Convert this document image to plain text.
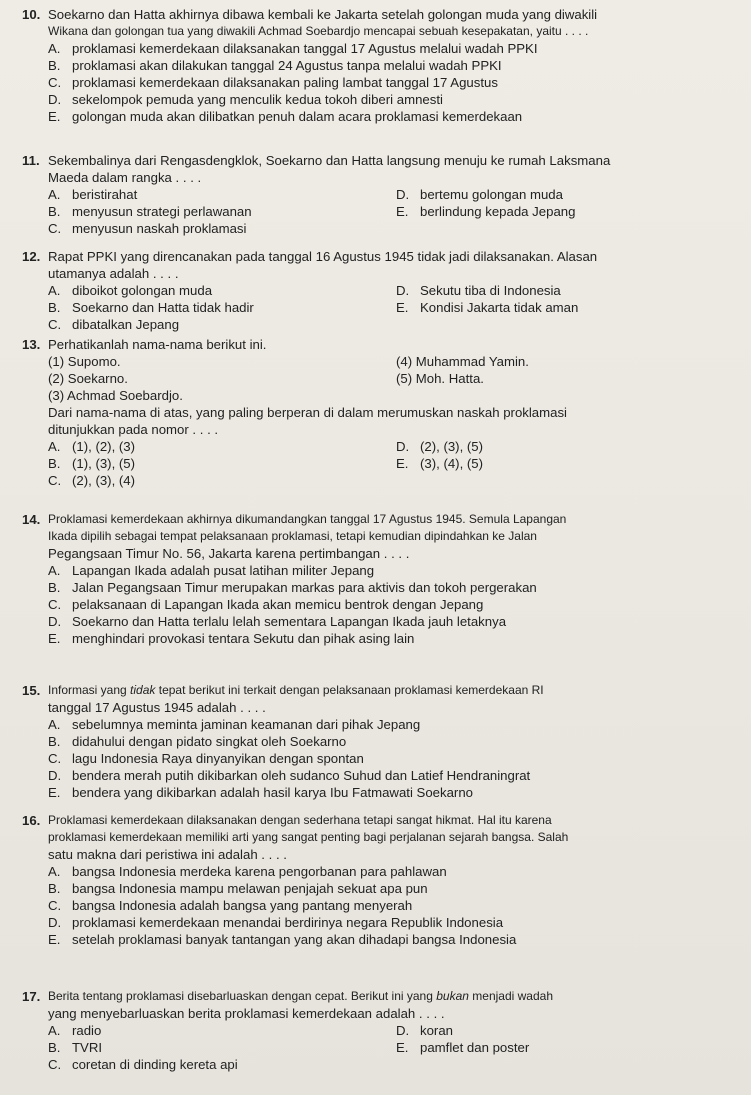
10. Soekarno dan Hatta akhirnya dibawa kembali ke Jakarta setelah golongan muda yang diwakili
Wikana dan golongan tua yang diwakili Achmad Soebardjo mencapai sebuah kesepakatan, yaitu . . . .
A. proklamasi kemerdekaan dilaksanakan tanggal 17 Agustus melalui wadah PPKI
B. proklamasi akan dilakukan tanggal 24 Agustus tanpa melalui wadah PPKI
C. proklamasi kemerdekaan dilaksanakan paling lambat tanggal 17 Agustus
D. sekelompok pemuda yang menculik kedua tokoh diberi amnesti
E. golongan muda akan dilibatkan penuh dalam acara proklamasi kemerdekaan
11. Sekembalinya dari Rengasdengklok, Soekarno dan Hatta langsung menuju ke rumah Laksmana
Maeda dalam rangka . . . .
A. beristirahat	D. bertemu golongan muda
B. menyusun strategi perlawanan	E. berlindung kepada Jepang
C. menyusun naskah proklamasi
12. Rapat PPKI yang direncanakan pada tanggal 16 Agustus 1945 tidak jadi dilaksanakan. Alasan
utamanya adalah . . . .
A. diboikot golongan muda	D. Sekutu tiba di Indonesia
B. Soekarno dan Hatta tidak hadir	E. Kondisi Jakarta tidak aman
C. dibatalkan Jepang
13. Perhatikanlah nama-nama berikut ini.
(1) Supomo.	(4) Muhammad Yamin.
(2) Soekarno.	(5) Moh. Hatta.
(3) Achmad Soebardjo.
Dari nama-nama di atas, yang paling berperan di dalam merumuskan naskah proklamasi
ditunjukkan pada nomor . . . .
A. (1), (2), (3)	D. (2), (3), (5)
B. (1), (3), (5)	E. (3), (4), (5)
C. (2), (3), (4)
14. Proklamasi kemerdekaan akhirnya dikumandangkan tanggal 17 Agustus 1945. Semula Lapangan
Ikada dipilih sebagai tempat pelaksanaan proklamasi, tetapi kemudian dipindahkan ke Jalan
Pegangsaan Timur No. 56, Jakarta karena pertimbangan . . . .
A. Lapangan Ikada adalah pusat latihan militer Jepang
B. Jalan Pegangsaan Timur merupakan markas para aktivis dan tokoh pergerakan
C. pelaksanaan di Lapangan Ikada akan memicu bentrok dengan Jepang
D. Soekarno dan Hatta terlalu lelah sementara Lapangan Ikada jauh letaknya
E. menghindari provokasi tentara Sekutu dan pihak asing lain
15. Informasi yang tidak tepat berikut ini terkait dengan pelaksanaan proklamasi kemerdekaan RI
tanggal 17 Agustus 1945 adalah . . . .
A. sebelumnya meminta jaminan keamanan dari pihak Jepang
B. didahului dengan pidato singkat oleh Soekarno
C. lagu Indonesia Raya dinyanyikan dengan spontan
D. bendera merah putih dikibarkan oleh sudanco Suhud dan Latief Hendraningrat
E. bendera yang dikibarkan adalah hasil karya Ibu Fatmawati Soekarno
16. Proklamasi kemerdekaan dilaksanakan dengan sederhana tetapi sangat hikmat. Hal itu karena
proklamasi kemerdekaan memiliki arti yang sangat penting bagi perjalanan sejarah bangsa. Salah
satu makna dari peristiwa ini adalah . . . .
A. bangsa Indonesia merdeka karena pengorbanan para pahlawan
B. bangsa Indonesia mampu melawan penjajah sekuat apa pun
C. bangsa Indonesia adalah bangsa yang pantang menyerah
D. proklamasi kemerdekaan menandai berdirinya negara Republik Indonesia
E. setelah proklamasi banyak tantangan yang akan dihadapi bangsa Indonesia
17. Berita tentang proklamasi disebarluaskan dengan cepat. Berikut ini yang bukan menjadi wadah
yang menyebarluaskan berita proklamasi kemerdekaan adalah . . . .
A. radio	D. koran
B. TVRI	E. pamflet dan poster
C. coretan di dinding kereta api
